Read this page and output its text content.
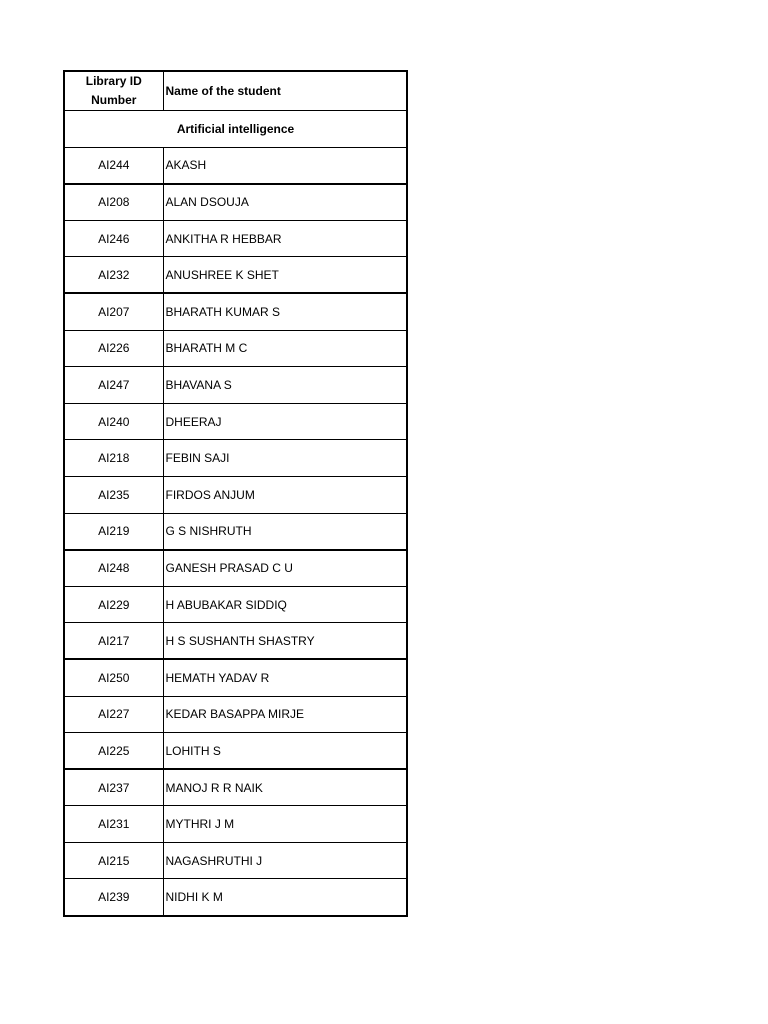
Library ID Number	Name of the student
Artificial intelligence	
AI244	AKASH
AI208	ALAN DSOUJA
AI246	ANKITHA R HEBBAR
AI232	ANUSHREE K SHET
AI207	BHARATH KUMAR S
AI226	BHARATH M C
AI247	BHAVANA S
AI240	DHEERAJ
AI218	FEBIN SAJI
AI235	FIRDOS ANJUM
AI219	G S NISHRUTH
AI248	GANESH PRASAD C U
AI229	H ABUBAKAR SIDDIQ
AI217	H S SUSHANTH SHASTRY
AI250	HEMATH YADAV R
AI227	KEDAR BASAPPA MIRJE
AI225	LOHITH S
AI237	MANOJ R R NAIK
AI231	MYTHRI J M
AI215	NAGASHRUTHI J
AI239	NIDHI K M
